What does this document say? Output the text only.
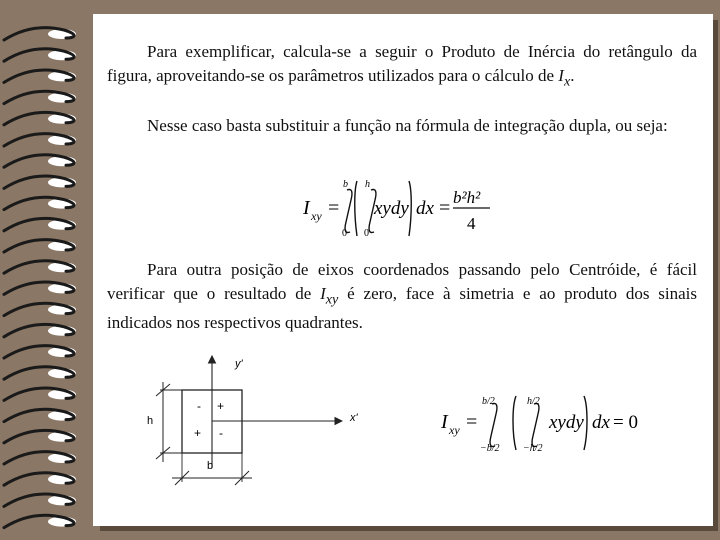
Para exemplificar, calcula-se a seguir o Produto de Inércia do retângulo da figura, aproveitando-se os parâmetros utilizados para o cálculo de $I_x$.

Nesse caso basta substituir a função na fórmula de integração dupla, ou seja:

I xy =
b
0
h
0
xydy dx = b²h²
4

Para outra posição de eixos coordenados passando pelo Centróide, é fácil verificar que o resultado de $I_{xy}$ é zero, face à simetria e ao produto dos sinais indicados nos respectivos quadrantes.

y'
x'
h
b
- +
+ -	I xy =
b/2
−b/2
h/2
−h/2
xydy dx = 0
